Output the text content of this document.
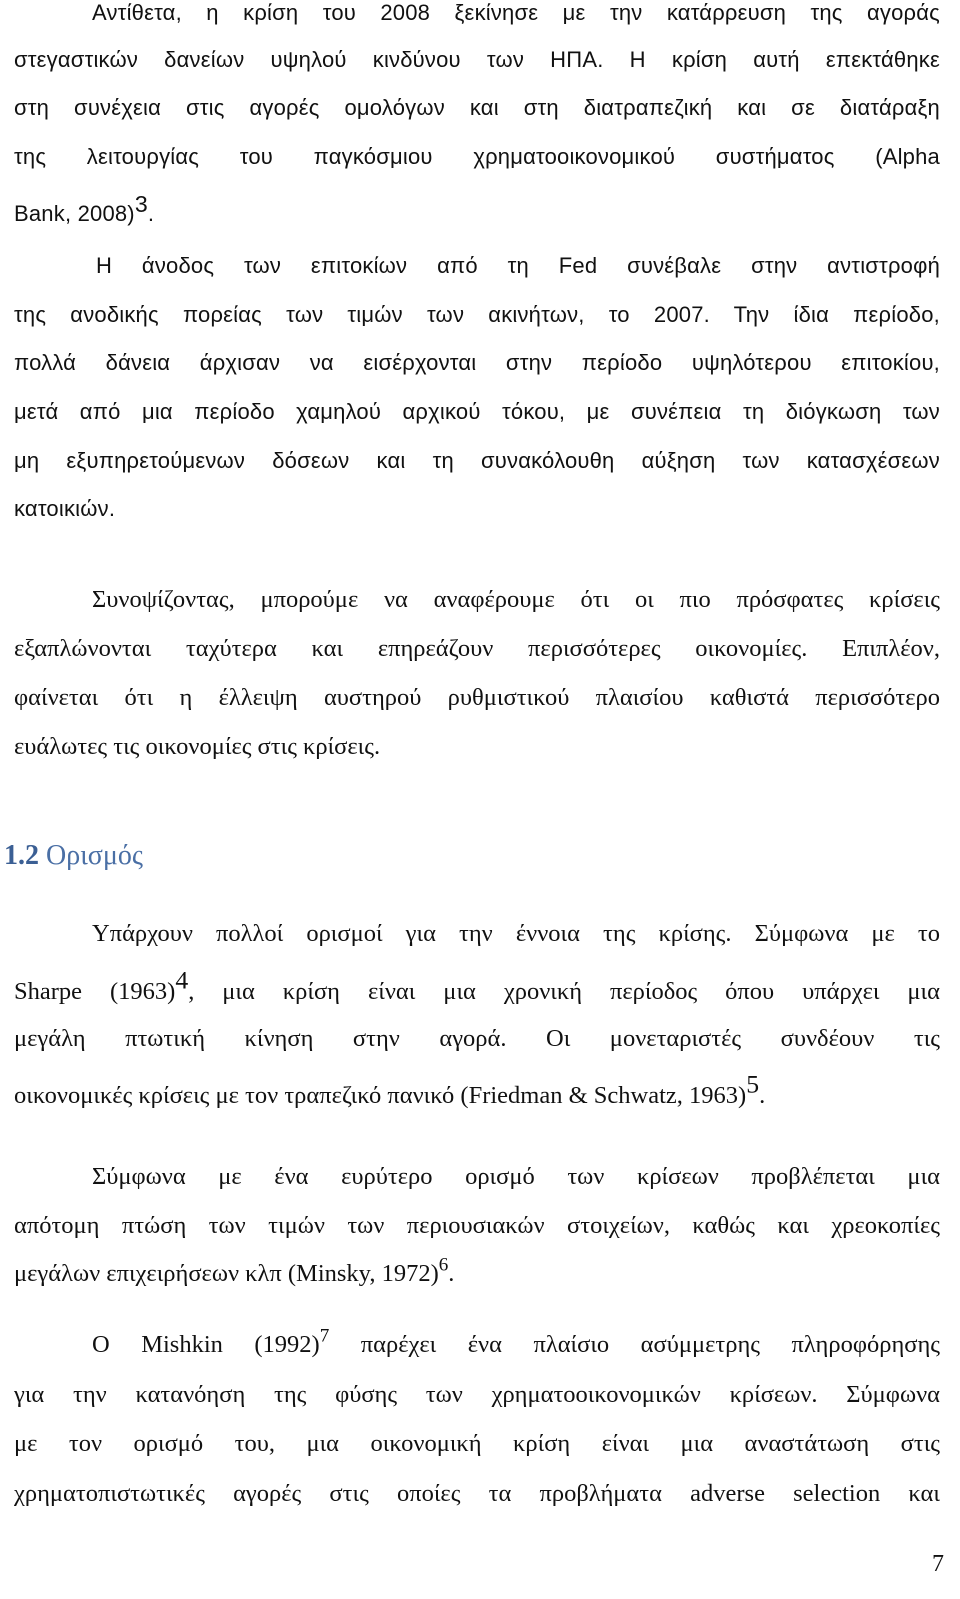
Αντίθετα, η κρίση του 2008 ξεκίνησε με την κατάρρευση της αγοράς
στεγαστικών δανείων υψηλού κινδύνου των ΗΠΑ. Η κρίση αυτή επεκτάθηκε
στη συνέχεια στις αγορές ομολόγων και στη διατραπεζική και σε διατάραξη
της λειτουργίας του παγκόσμιου χρηματοοικονομικού συστήματος (Alpha
Bank, 2008)$^3$.
Η άνοδος των επιτοκίων από τη Fed συνέβαλε στην αντιστροφή
της ανοδικής πορείας των τιμών των ακινήτων, το 2007. Την ίδια περίοδο,
πολλά δάνεια άρχισαν να εισέρχονται στην περίοδο υψηλότερου επιτοκίου,
μετά από μια περίοδο χαμηλού αρχικού τόκου, με συνέπεια τη διόγκωση των
μη εξυπηρετούμενων δόσεων και τη συνακόλουθη αύξηση των κατασχέσεων
κατοικιών.
Συνοψίζοντας, μπορούμε να αναφέρουμε ότι οι πιο πρόσφατες κρίσεις
εξαπλώνονται ταχύτερα και επηρεάζουν περισσότερες οικονομίες. Επιπλέον,
φαίνεται ότι η έλλειψη αυστηρού ρυθμιστικού πλαισίου καθιστά περισσότερο
ευάλωτες τις οικονομίες στις κρίσεις.
1.2 Ορισμός
Υπάρχουν πολλοί ορισμοί για την έννοια της κρίσης. Σύμφωνα με το
Sharpe (1963)$^4$, μια κρίση είναι μια χρονική περίοδος όπου υπάρχει μια
μεγάλη πτωτική κίνηση στην αγορά. Οι μονεταριστές συνδέουν τις
οικονομικές κρίσεις με τον τραπεζικό πανικό (Friedman & Schwatz, 1963)$^5$.
Σύμφωνα με ένα ευρύτερο ορισμό των κρίσεων προβλέπεται μια
απότομη πτώση των τιμών των περιουσιακών στοιχείων, καθώς και χρεοκοπίες
μεγάλων επιχειρήσεων κλπ (Minsky, 1972)$^6$.
Ο Mishkin (1992)$^7$ παρέχει ένα πλαίσιο ασύμμετρης πληροφόρησης
για την κατανόηση της φύσης των χρηματοοικονομικών κρίσεων. Σύμφωνα
με τον ορισμό του, μια οικονομική κρίση είναι μια αναστάτωση στις
χρηματοπιστωτικές αγορές στις οποίες τα προβλήματα adverse selection και
7
